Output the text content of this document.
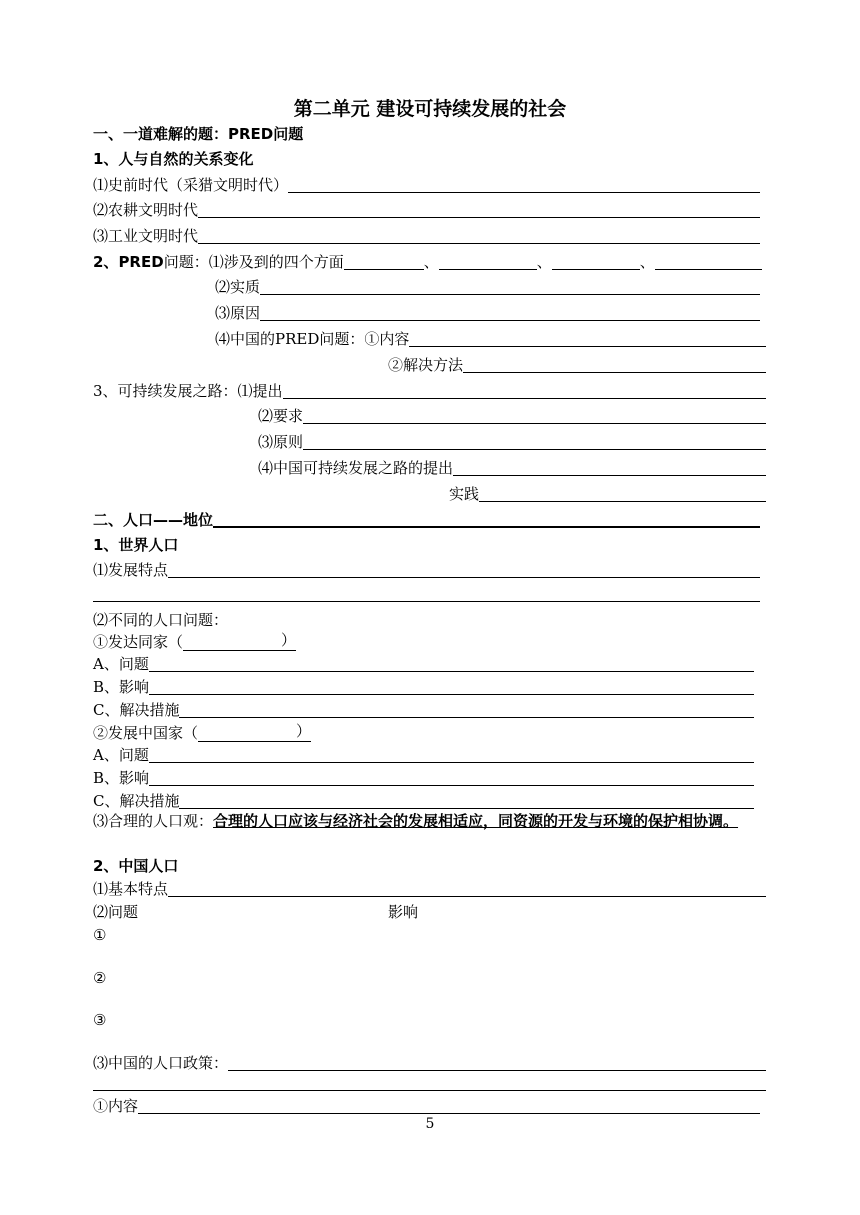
第二单元 建设可持续发展的社会
一、一道难解的题：PRED问题
1、人与自然的关系变化
⑴史前时代（采猎文明时代）
⑵农耕文明时代
⑶工业文明时代
2、 PRED 问题：⑴涉及到的四个方面	、	、	、
⑵实质
⑶原因
⑷中国的PRED问题：①内容
②解决方法
3、可持续发展之路：⑴提出
⑵要求
⑶原则
⑷中国可持续发展之路的提出
实践
二、人口——地位
1、世界人口
⑴发展特点
⑵不同的人口问题：
①发达同家（	）
A、问题
B、影响
C、解决措施
②发展中国家（	）
A、问题
B、影响
C、解决措施
⑶合理的人口观：合理的人口应该与经济社会的发展相适应，同资源的开发与环境的保护相协调。
2、中国人口
⑴基本特点
⑵问题	影响
①
②
③
⑶中国的人口政策：
①内容
5
